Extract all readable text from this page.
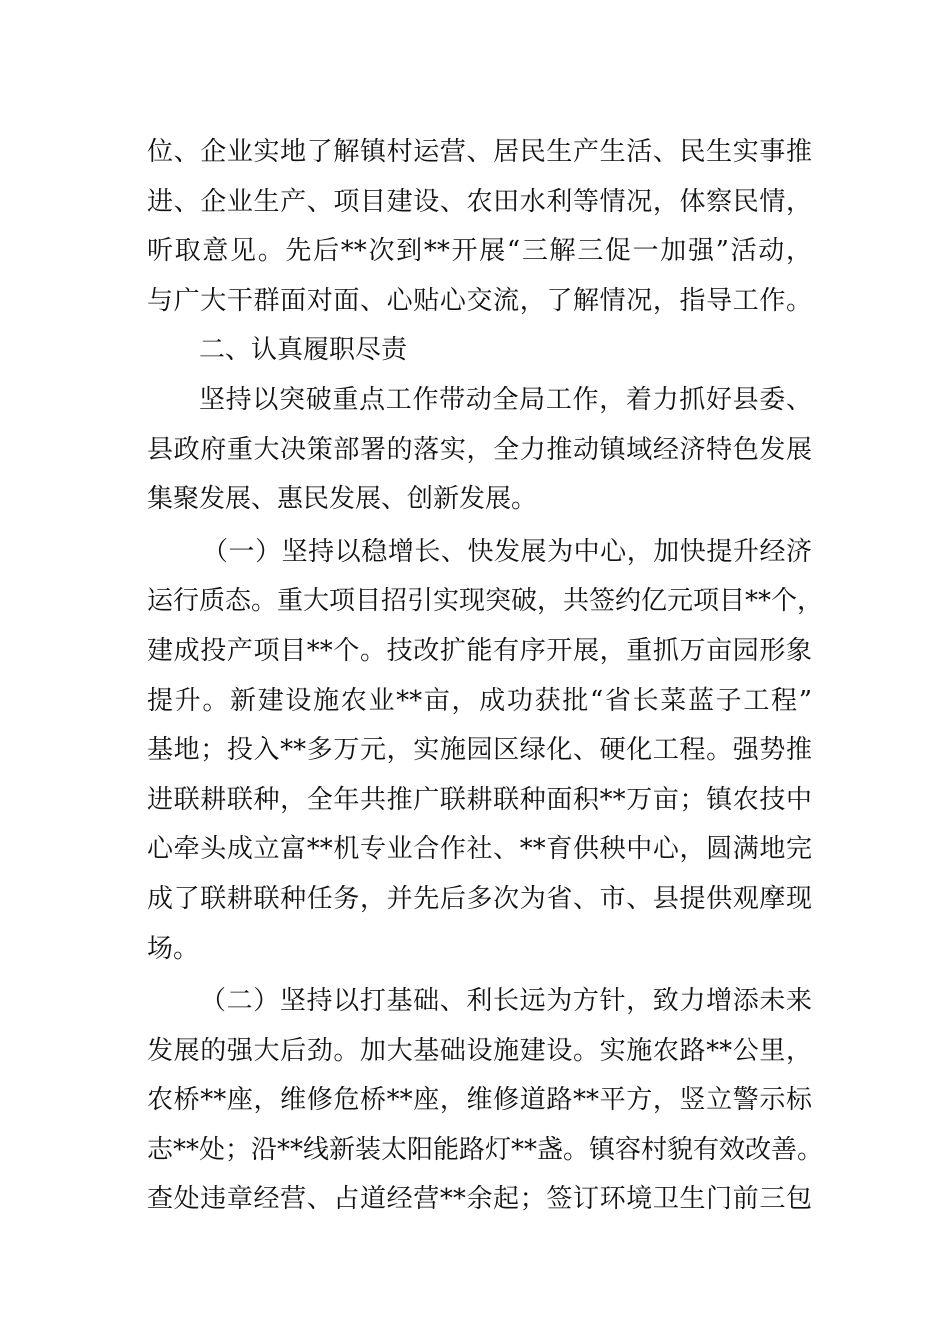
位、企业实地了解镇村运营、居民生产生活、民生实事推
进、企业生产、项目建设、农田水利等情况，体察民情，
听取意见。先后**次到**开展“三解三促一加强”活动，
与广大干群面对面、心贴心交流，了解情况，指导工作。
二、认真履职尽责
坚持以突破重点工作带动全局工作，着力抓好县委、
县政府重大决策部署的落实，全力推动镇域经济特色发展
集聚发展、惠民发展、创新发展。
（一）坚持以稳增长、快发展为中心，加快提升经济
运行质态。重大项目招引实现突破，共签约亿元项目**个，
建成投产项目**个。技改扩能有序开展，重抓万亩园形象
提升。新建设施农业**亩，成功获批“省长菜蓝子工程”
基地；投入**多万元，实施园区绿化、硬化工程。强势推
进联耕联种，全年共推广联耕联种面积**万亩；镇农技中
心牵头成立富**机专业合作社、**育供秧中心，圆满地完
成了联耕联种任务，并先后多次为省、市、县提供观摩现
场。
（二）坚持以打基础、利长远为方针，致力增添未来
发展的强大后劲。加大基础设施建设。实施农路**公里，
农桥**座，维修危桥**座，维修道路**平方，竖立警示标
志**处；沿**线新装太阳能路灯**盏。镇容村貌有效改善。
查处违章经营、占道经营**余起；签订环境卫生门前三包
